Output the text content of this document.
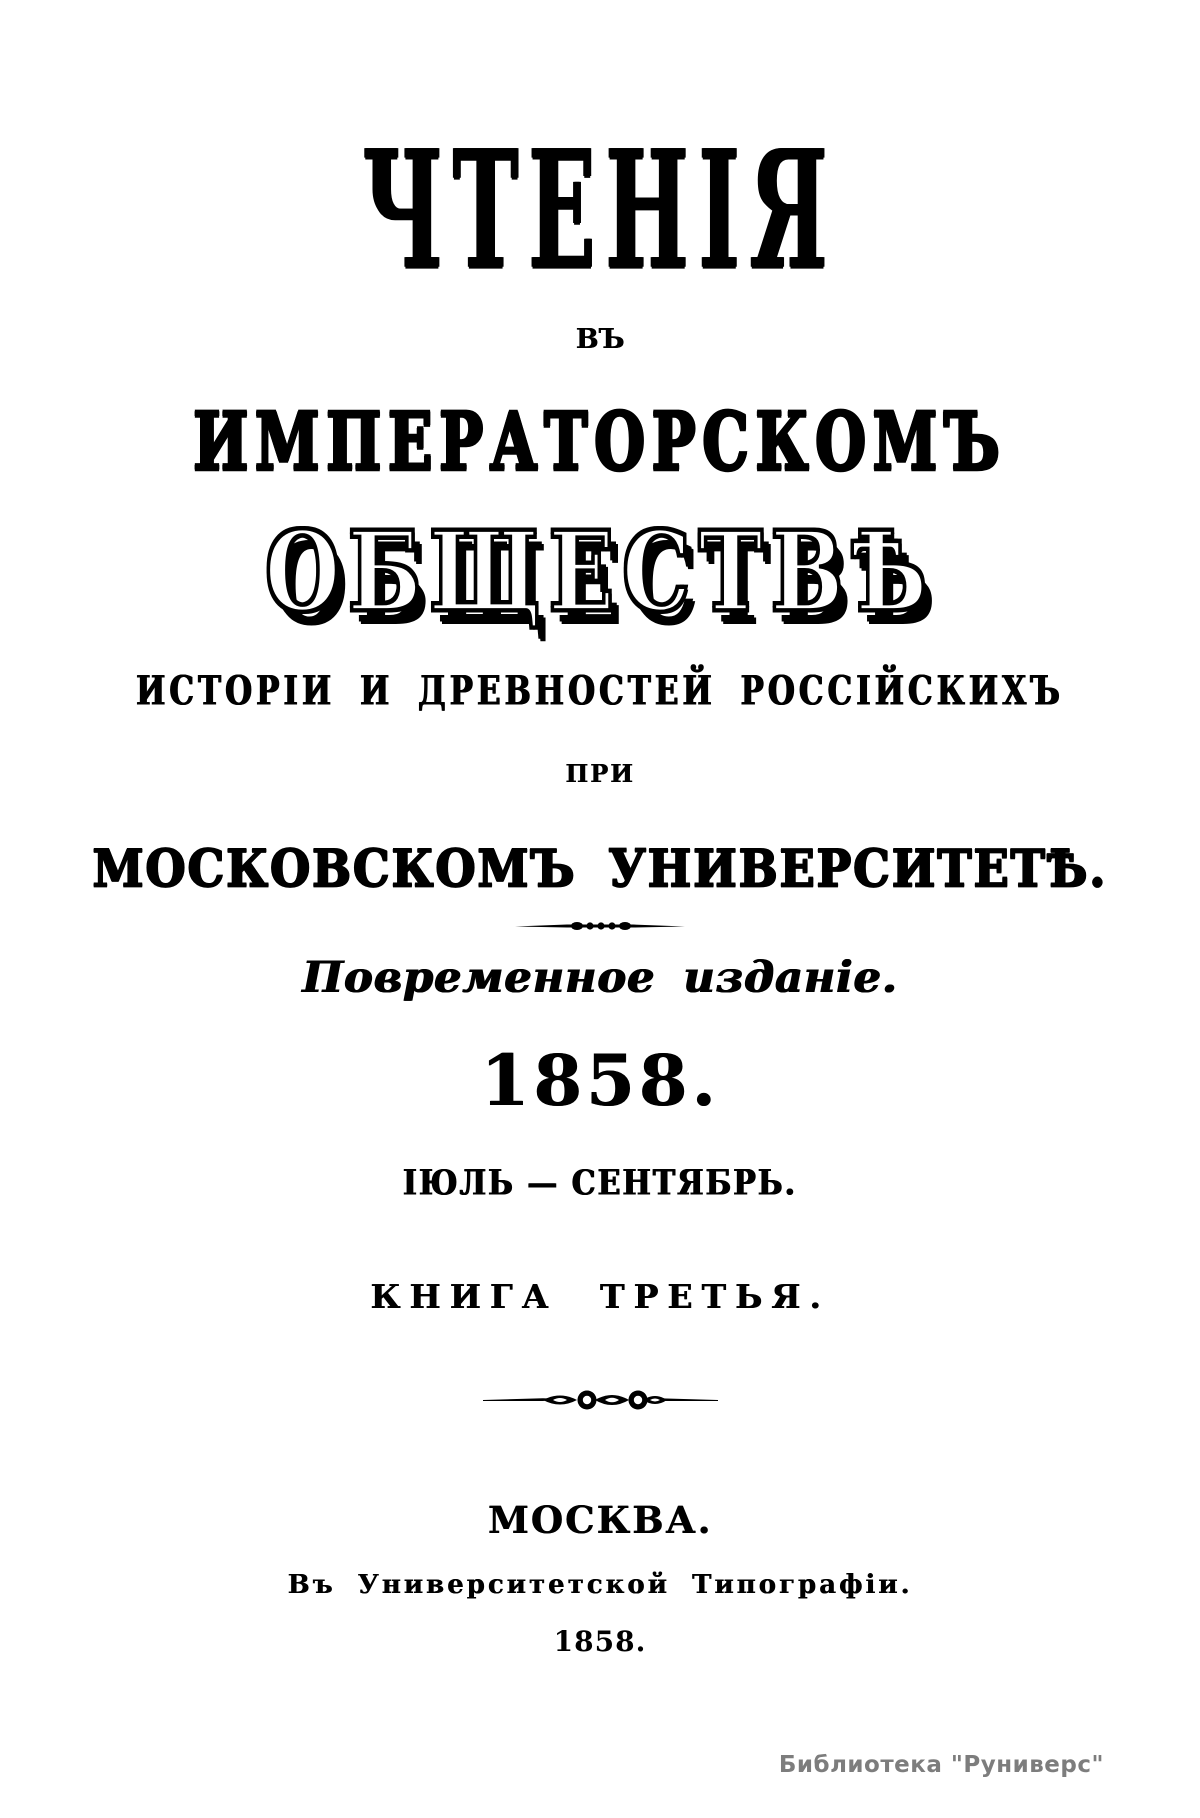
ЧТЕНІЯ
ВЪ
ИМПЕРАТОРСКОМЪ
ОБЩЕСТВѢ
ИСТОРІИ И ДРЕВНОСТЕЙ РОССІЙСКИХЪ
ПРИ
МОСКОВСКОМЪ УНИВЕРСИТЕТѢ.
Повременное изданіе.
1858.
ІЮЛЬ — СЕНТЯБРЬ.
КНИГА ТРЕТЬЯ.
МОСКВА.
Въ Университетской Типографіи.
1858.
Библиотека "Руниверс"
